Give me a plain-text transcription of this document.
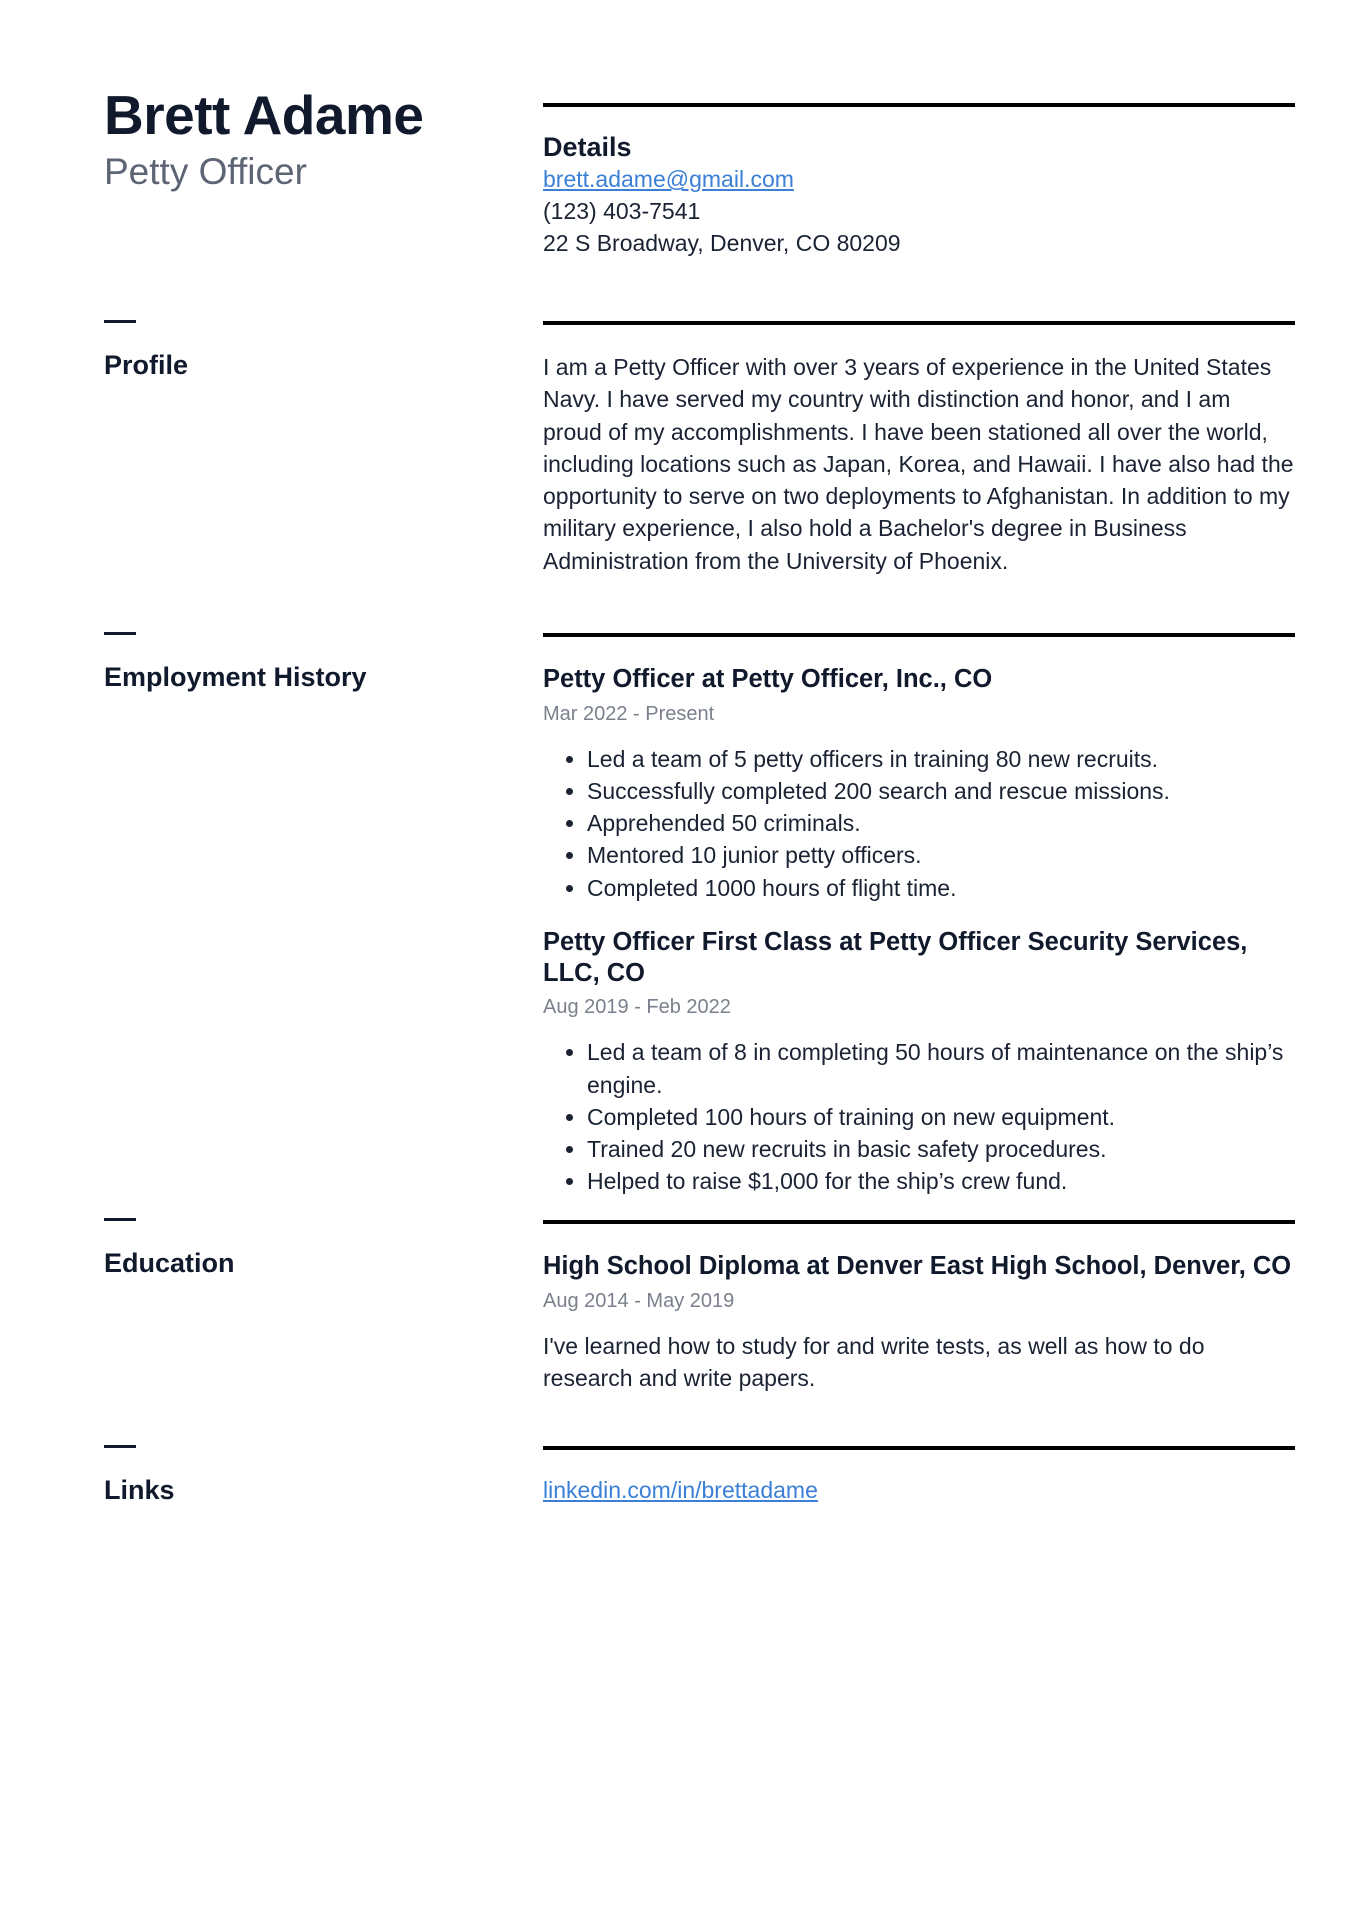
Brett Adame
Petty Officer
Details
brett.adame@gmail.com
(123) 403-7541
22 S Broadway, Denver, CO 80209
Profile	I am a Petty Officer with over 3 years of experience in the United States Navy. I have served my country with distinction and honor, and I am proud of my accomplishments. I have been stationed all over the world, including locations such as Japan, Korea, and Hawaii. I have also had the opportunity to serve on two deployments to Afghanistan. In addition to my military experience, I also hold a Bachelor's degree in Business Administration from the University of Phoenix.
Employment History	Petty Officer at Petty Officer, Inc., CO
Mar 2022 - Present
• Led a team of 5 petty officers in training 80 new recruits.
• Successfully completed 200 search and rescue missions.
• Apprehended 50 criminals.
• Mentored 10 junior petty officers.
• Completed 1000 hours of flight time.
Petty Officer First Class at Petty Officer Security Services, LLC, CO
Aug 2019 - Feb 2022
• Led a team of 8 in completing 50 hours of maintenance on the ship’s engine.
• Completed 100 hours of training on new equipment.
• Trained 20 new recruits in basic safety procedures.
• Helped to raise $1,000 for the ship’s crew fund.
Education	High School Diploma at Denver East High School, Denver, CO
Aug 2014 - May 2019
I've learned how to study for and write tests, as well as how to do research and write papers.
Links	linkedin.com/in/brettadame
